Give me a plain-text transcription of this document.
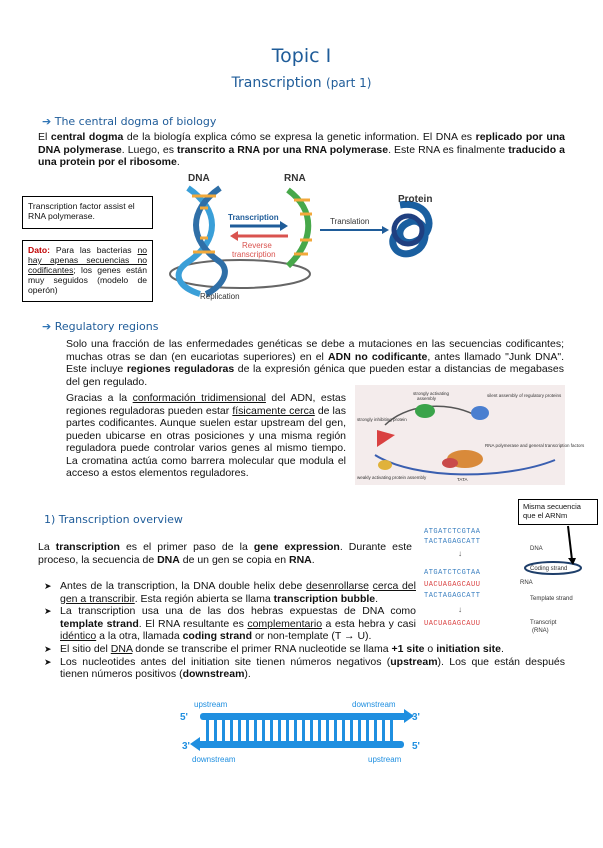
Topic I
Transcription (part 1)
➔ The central dogma of biology
El central dogma de la biología explica cómo se expresa la genetic information. El DNA es replicado por una DNA polymerase. Luego, es transcrito a RNA por una RNA polymerase. Este RNA es finalmente traducido a una protein por el ribosome.
Transcription factor assist el RNA polymerase.
Dato: Para las bacterias no hay apenas secuencias no codificantes; los genes están muy seguidos (modelo de operón)
DNA	RNA
Protein
Transcription
Reverse
transcription
Translation
Replication
➔ Regulatory regions
Solo una fracción de las enfermedades genéticas se debe a mutaciones en las secuencias codificantes; muchas otras se dan (en eucariotas superiores) en el ADN no codificante, antes llamado "Junk DNA". Este incluye regiones reguladoras de la expresión génica que pueden estar a distancias de megabases del gen regulado.
Gracias a la conformación tridimensional del ADN, estas regiones reguladoras pueden estar físicamente cerca de las partes codificantes. Aunque suelen estar upstream del gen, pueden ubicarse en otras posiciones y una misma región reguladora puede controlar varios genes al mismo tiempo. La cromatina actúa como barrera molecular que modula el acceso a estos elementos reguladores.
strongly activating
assembly
silent assembly of regulatory proteins
strongly inhibiting protein
RNA polymerase and general transcription factors
weakly activating protein assembly	TATA
1) Transcription overview
Misma secuencia que el ARNm
La transcription es el primer paso de la gene expression. Durante este proceso, la secuencia de DNA de un gen se copia en RNA.
➤ Antes de la transcription, la DNA double helix debe desenrollarse cerca del gen a transcribir. Esta región abierta se llama transcription bubble.
➤ La transcription usa una de las dos hebras expuestas de DNA como template strand. El RNA resultante es complementario a esta hebra y casi idéntico a la otra, llamada coding strand or non-template (T → U).
➤ El sitio del DNA donde se transcribe el primer RNA nucleotide se llama +1 site o initiation site.
➤ Los nucleotides antes del initiation site tienen números negativos (upstream). Los que están después tienen números positivos (downstream).
ATGATCTCGTAA
TACTAGAGCATT
ATGATCTCGTAA
UACUAGAGCAUU
TACTAGAGCATT
UACUAGAGCAUU
DNA
Coding strand
RNA
Template strand
Transcript
(RNA)
↓
↓
upstream	downstream
downstream	upstream
5'	3'
3'	5'
